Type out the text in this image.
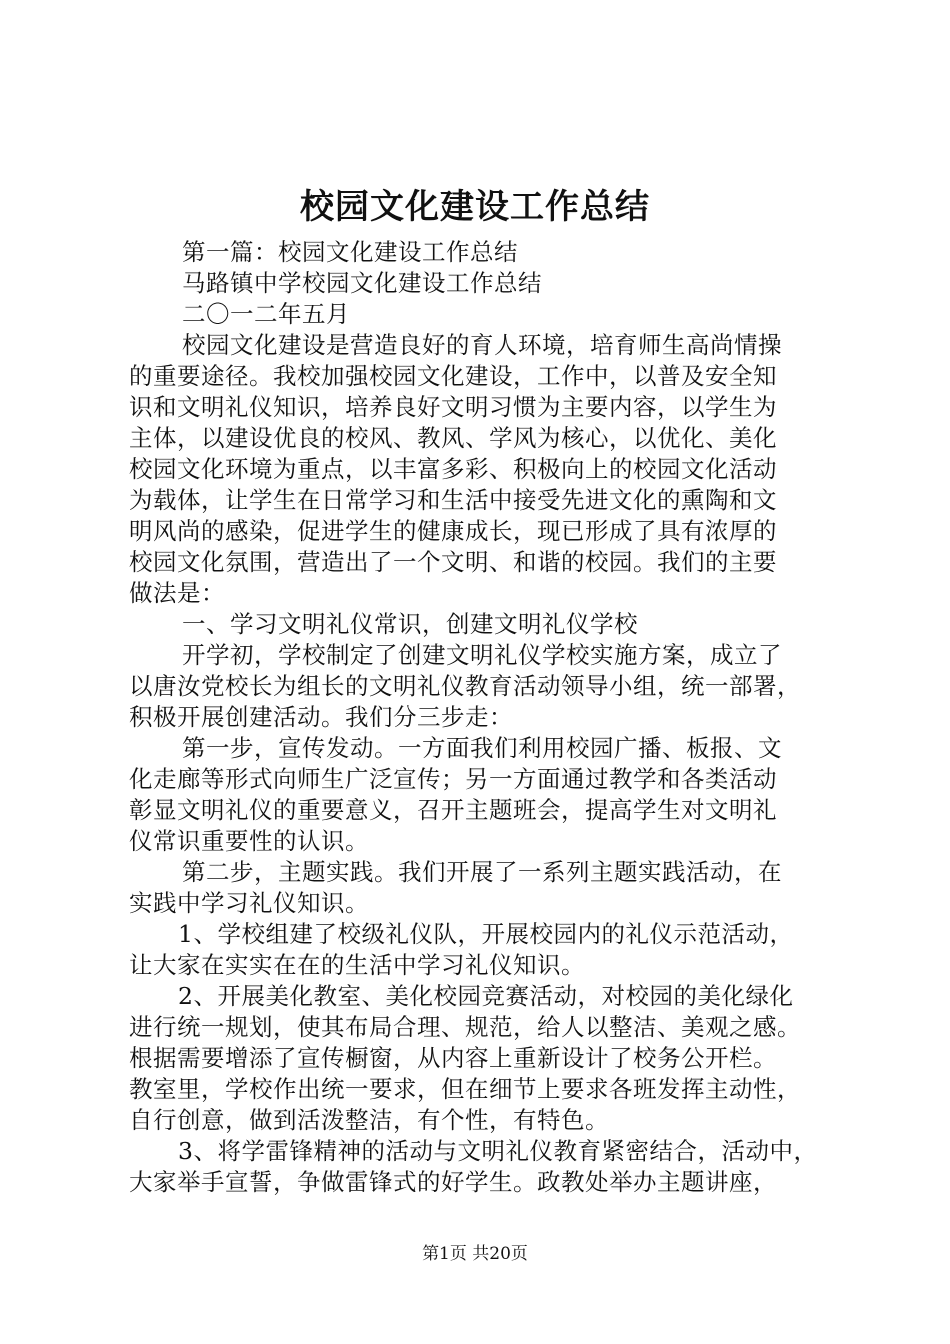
校园文化建设工作总结
第一篇：校园文化建设工作总结
马路镇中学校园文化建设工作总结
二〇一二年五月
校园文化建设是营造良好的育人环境，培育师生高尚情操
的重要途径。我校加强校园文化建设，工作中，以普及安全知
识和文明礼仪知识，培养良好文明习惯为主要内容，以学生为
主体，以建设优良的校风、教风、学风为核心，以优化、美化
校园文化环境为重点，以丰富多彩、积极向上的校园文化活动
为载体，让学生在日常学习和生活中接受先进文化的熏陶和文
明风尚的感染，促进学生的健康成长，现已形成了具有浓厚的
校园文化氛围，营造出了一个文明、和谐的校园。我们的主要
做法是：
一、学习文明礼仪常识，创建文明礼仪学校
开学初，学校制定了创建文明礼仪学校实施方案，成立了
以唐汝党校长为组长的文明礼仪教育活动领导小组，统一部署，
积极开展创建活动。我们分三步走：
第一步，宣传发动。一方面我们利用校园广播、板报、文
化走廊等形式向师生广泛宣传；另一方面通过教学和各类活动
彰显文明礼仪的重要意义，召开主题班会，提高学生对文明礼
仪常识重要性的认识。
第二步，主题实践。我们开展了一系列主题实践活动，在
实践中学习礼仪知识。
1、学校组建了校级礼仪队，开展校园内的礼仪示范活动，
让大家在实实在在的生活中学习礼仪知识。
2、开展美化教室、美化校园竞赛活动，对校园的美化绿化
进行统一规划，使其布局合理、规范，给人以整洁、美观之感。
根据需要增添了宣传橱窗，从内容上重新设计了校务公开栏。
教室里，学校作出统一要求，但在细节上要求各班发挥主动性，
自行创意，做到活泼整洁，有个性，有特色。
3、将学雷锋精神的活动与文明礼仪教育紧密结合，活动中，
大家举手宣誓，争做雷锋式的好学生。政教处举办主题讲座，
第1页 共20页
